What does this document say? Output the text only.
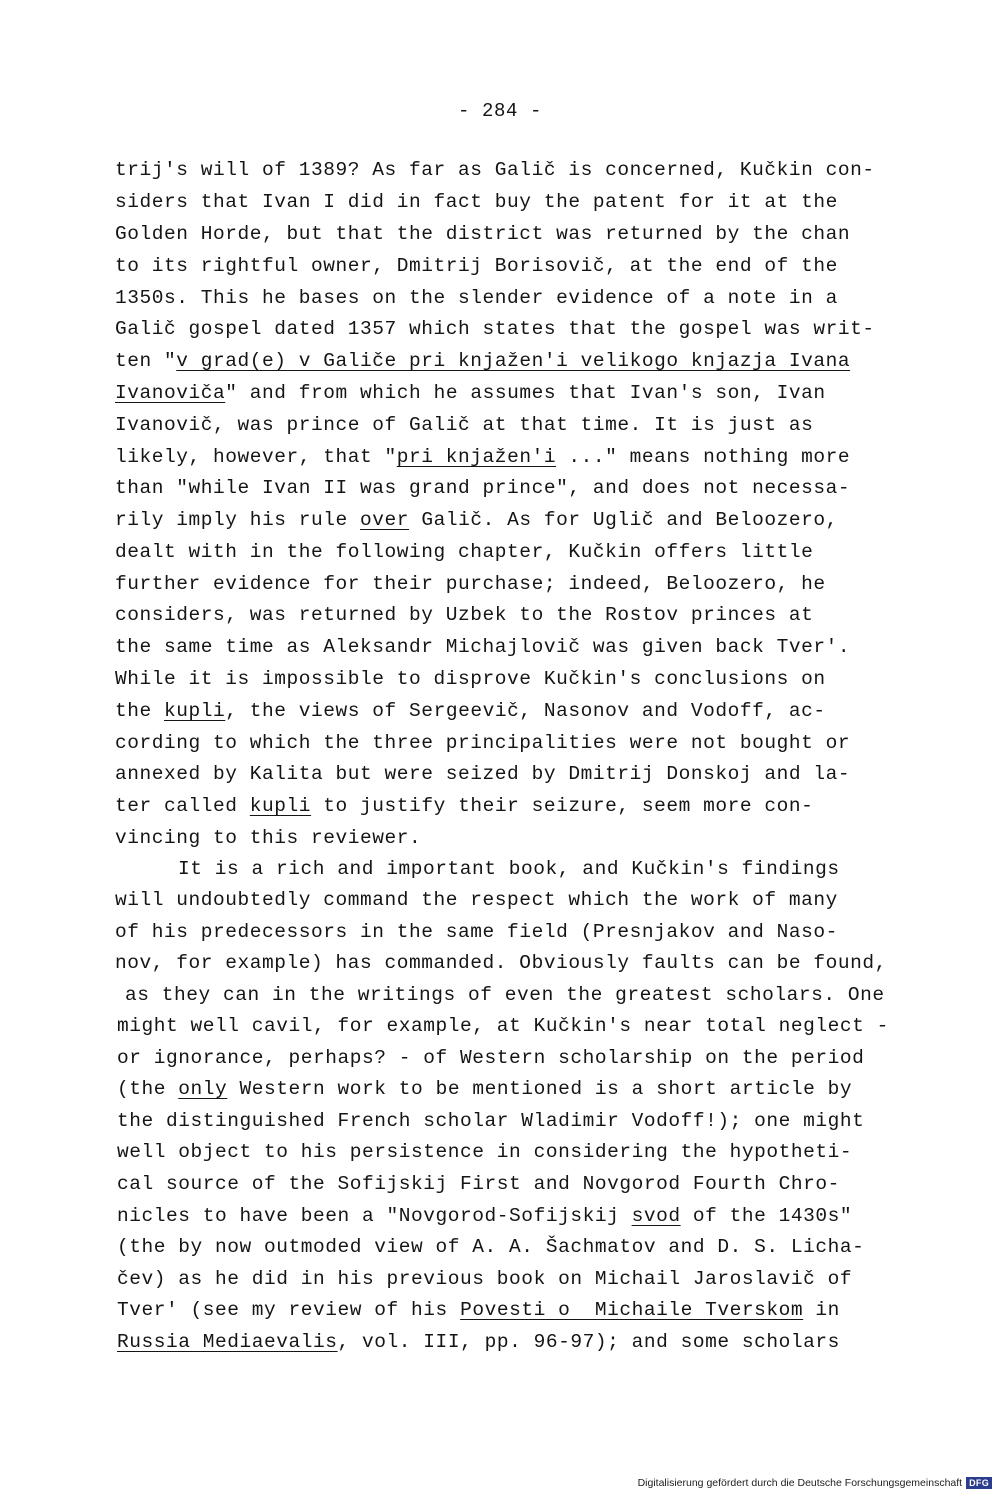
- 284 -
trij's will of 1389? As far as Galič is concerned, Kučkin con-
siders that Ivan I did in fact buy the patent for it at the
Golden Horde, but that the district was returned by the chan
to its rightful owner, Dmitrij Borisovič, at the end of the
1350s. This he bases on the slender evidence of a note in a
Galič gospel dated 1357 which states that the gospel was writ-
ten "v grad(e) v Galiče pri knjažen'i velikogo knjazja Ivana
Ivanoviča" and from which he assumes that Ivan's son, Ivan
Ivanovič, was prince of Galič at that time. It is just as
likely, however, that "pri knjažen'i ..." means nothing more
than "while Ivan II was grand prince", and does not necessa-
rily imply his rule over Galič. As for Uglič and Beloozero,
dealt with in the following chapter, Kučkin offers little
further evidence for their purchase; indeed, Beloozero, he
considers, was returned by Uzbek to the Rostov princes at
the same time as Aleksandr Michajlovič was given back Tver'.
While it is impossible to disprove Kučkin's conclusions on
the kupli, the views of Sergeevič, Nasonov and Vodoff, ac-
cording to which the three principalities were not bought or
annexed by Kalita but were seized by Dmitrij Donskoj and la-
ter called kupli to justify their seizure, seem more con-
vincing to this reviewer.
It is a rich and important book, and Kučkin's findings
will undoubtedly command the respect which the work of many
of his predecessors in the same field (Presnjakov and Naso-
nov, for example) has commanded. Obviously faults can be found,
as they can in the writings of even the greatest scholars. One
might well cavil, for example, at Kučkin's near total neglect -
or ignorance, perhaps? - of Western scholarship on the period
(the only Western work to be mentioned is a short article by
the distinguished French scholar Wladimir Vodoff!); one might
well object to his persistence in considering the hypotheti-
cal source of the Sofijskij First and Novgorod Fourth Chro-
nicles to have been a "Novgorod-Sofijskij svod of the 1430s"
(the by now outmoded view of A. A. Šachmatov and D. S. Licha-
čev) as he did in his previous book on Michail Jaroslavič of
Tver' (see my review of his Povesti o  Michaile Tverskom in
Russia Mediaevalis, vol. III, pp. 96-97); and some scholars
Digitalisierung gefördert durch die Deutsche Forschungsgemeinschaft DFG
